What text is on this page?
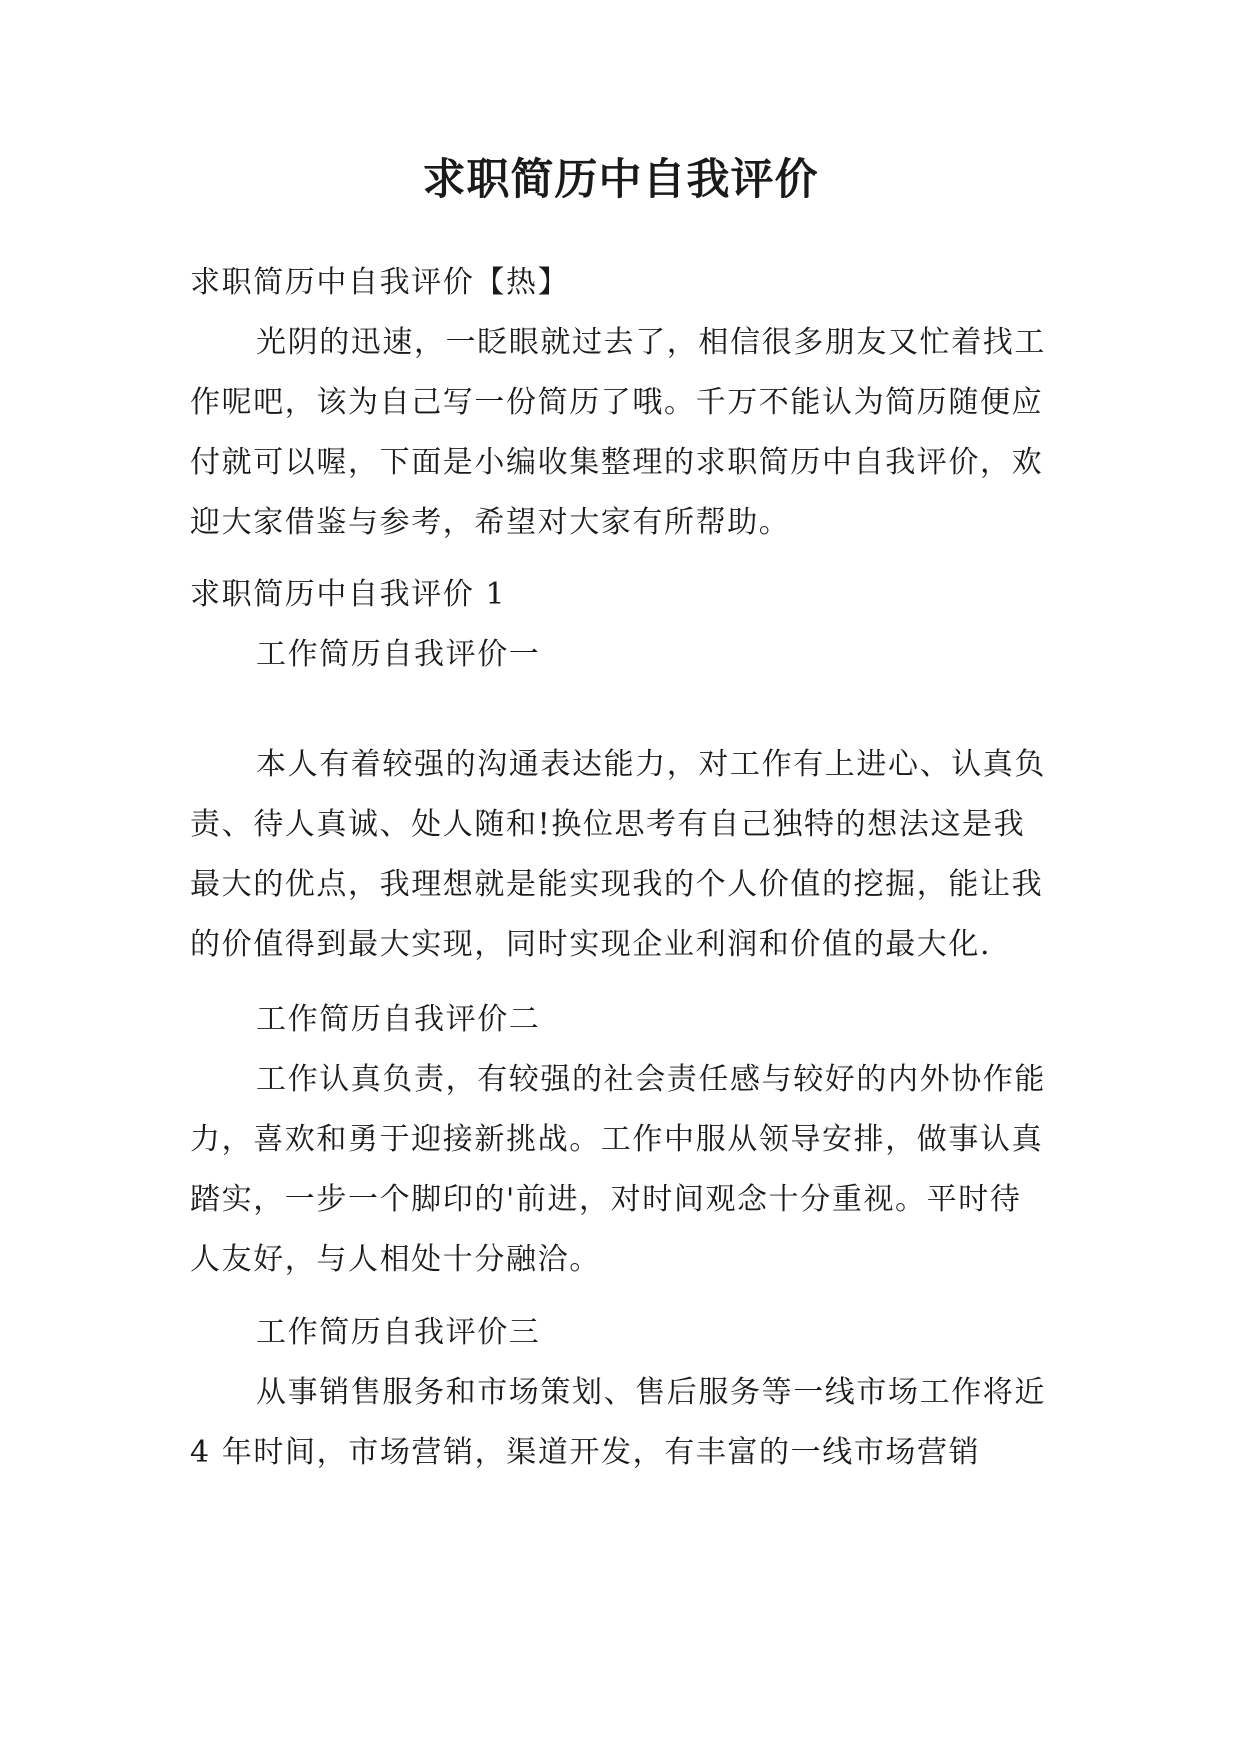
求职简历中自我评价

求职简历中自我评价【热】

光阴的迅速，一眨眼就过去了，相信很多朋友又忙着找工作呢吧，该为自己写一份简历了哦。千万不能认为简历随便应付就可以喔，下面是小编收集整理的求职简历中自我评价，欢迎大家借鉴与参考，希望对大家有所帮助。

求职简历中自我评价 1

工作简历自我评价一

本人有着较强的沟通表达能力，对工作有上进心、认真负责、待人真诚、处人随和!换位思考有自己独特的想法这是我最大的优点，我理想就是能实现我的个人价值的挖掘，能让我的价值得到最大实现，同时实现企业利润和价值的最大化.

工作简历自我评价二

工作认真负责，有较强的社会责任感与较好的内外协作能力，喜欢和勇于迎接新挑战。工作中服从领导安排，做事认真踏实，一步一个脚印的'前进，对时间观念十分重视。平时待人友好，与人相处十分融洽。

工作简历自我评价三

从事销售服务和市场策划、售后服务等一线市场工作将近 4 年时间，市场营销，渠道开发，有丰富的一线市场营销
